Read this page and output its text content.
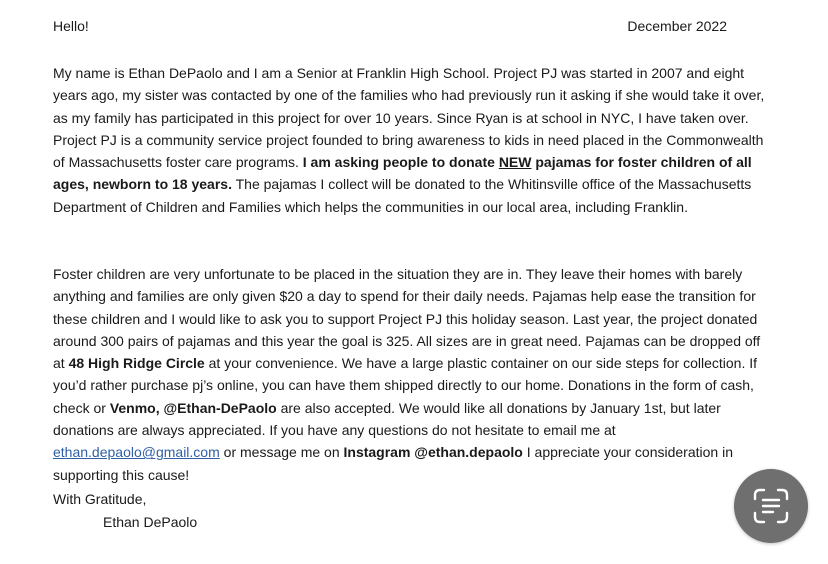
Hello!	December 2022

My name is Ethan DePaolo and I am a Senior at Franklin High School. Project PJ was started in 2007 and eight years ago, my sister was contacted by one of the families who had previously run it asking if she would take it over, as my family has participated in this project for over 10 years. Since Ryan is at school in NYC, I have taken over. Project PJ is a community service project founded to bring awareness to kids in need placed in the Commonwealth of Massachusetts foster care programs. I am asking people to donate NEW pajamas for foster children of all ages, newborn to 18 years. The pajamas I collect will be donated to the Whitinsville office of the Massachusetts Department of Children and Families which helps the communities in our local area, including Franklin.

Foster children are very unfortunate to be placed in the situation they are in. They leave their homes with barely anything and families are only given $20 a day to spend for their daily needs. Pajamas help ease the transition for these children and I would like to ask you to support Project PJ this holiday season. Last year, the project donated around 300 pairs of pajamas and this year the goal is 325. All sizes are in great need. Pajamas can be dropped off at 48 High Ridge Circle at your convenience. We have a large plastic container on our side steps for collection. If you’d rather purchase pj’s online, you can have them shipped directly to our home. Donations in the form of cash, check or Venmo, @Ethan-DePaolo are also accepted. We would like all donations by January 1st, but later donations are always appreciated. If you have any questions do not hesitate to email me at ethan.depaolo@gmail.com or message me on Instagram @ethan.depaolo I appreciate your consideration in supporting this cause!

With Gratitude,
Ethan DePaolo
